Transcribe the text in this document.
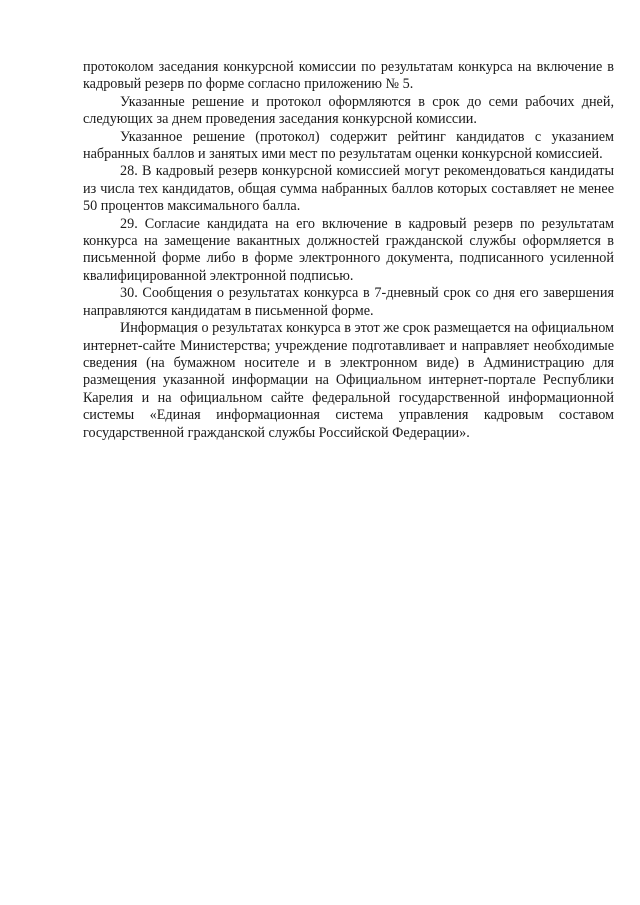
протоколом заседания конкурсной комиссии по результатам конкурса на включение в кадровый резерв по форме согласно приложению № 5.

Указанные решение и протокол оформляются в срок до семи рабочих дней, следующих за днем проведения заседания конкурсной комиссии.

Указанное решение (протокол) содержит рейтинг кандидатов с указанием набранных баллов и занятых ими мест по результатам оценки конкурсной комиссией.

28. В кадровый резерв конкурсной комиссией могут рекомендоваться кандидаты из числа тех кандидатов, общая сумма набранных баллов которых составляет не менее 50 процентов максимального балла.

29. Согласие кандидата на его включение в кадровый резерв по результатам конкурса на замещение вакантных должностей гражданской службы оформляется в письменной форме либо в форме электронного документа, подписанного усиленной квалифицированной электронной подписью.

30. Сообщения о результатах конкурса в 7-дневный срок со дня его завершения направляются кандидатам в письменной форме.

Информация о результатах конкурса в этот же срок размещается на официальном интернет-сайте Министерства; учреждение подготавливает и направляет необходимые сведения (на бумажном носителе и в электронном виде) в Администрацию для размещения указанной информации на Официальном интернет-портале Республики Карелия и на официальном сайте федеральной государственной информационной системы «Единая информационная система управления кадровым составом государственной гражданской службы Российской Федерации».
